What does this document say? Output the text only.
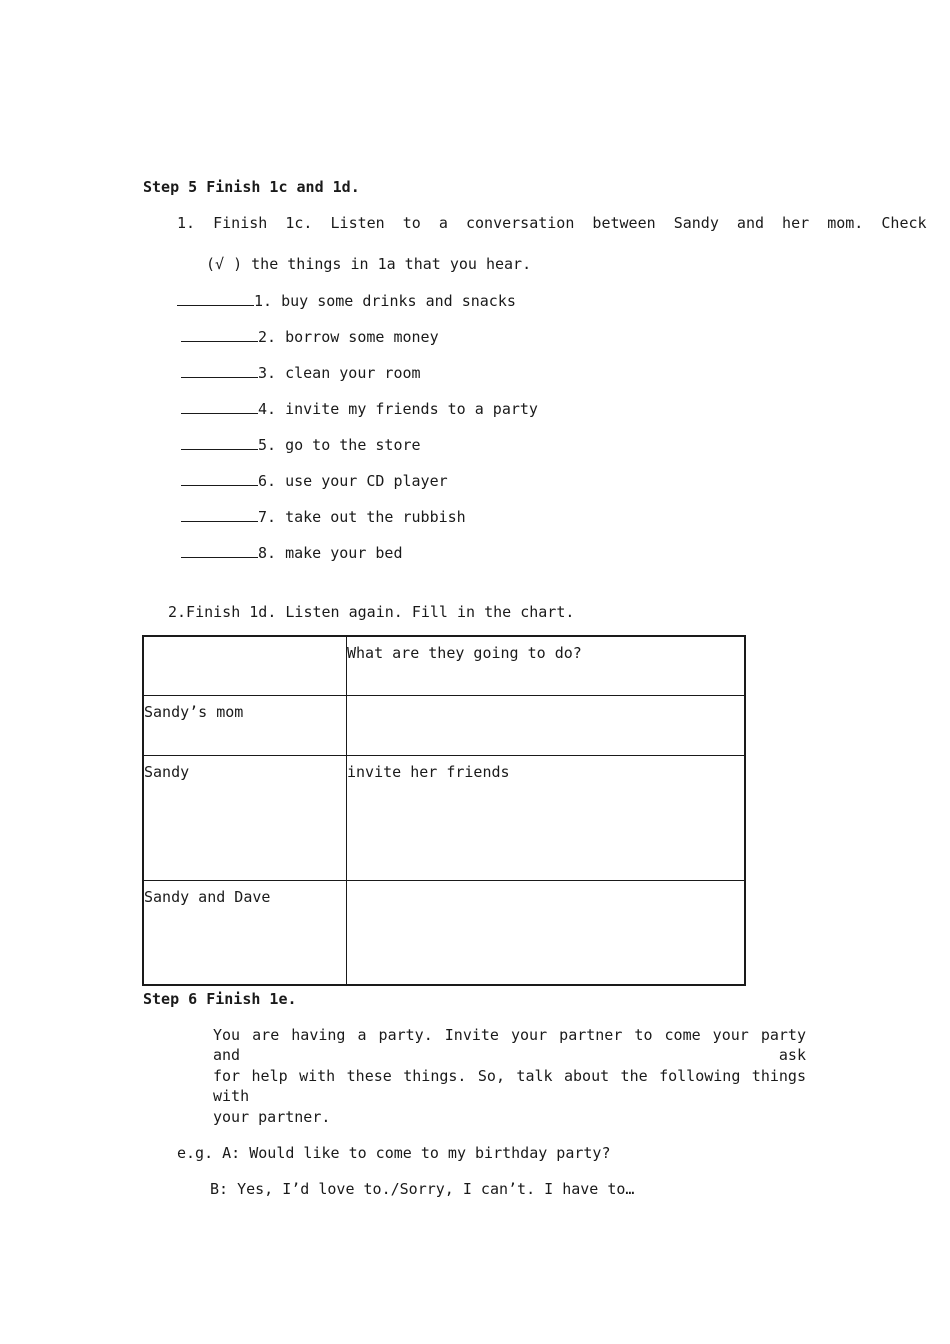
Step 5 Finish 1c and 1d.
1.  Finish  1c.  Listen  to  a  conversation  between  Sandy  and  her  mom.  Check
(√ ) the things in 1a that you hear.
1. buy some drinks and snacks
2. borrow some money
3. clean your room
4. invite my friends to a party
5. go to the store
6. use your CD player
7. take out the rubbish
8. make your bed
2.Finish 1d. Listen again. Fill in the chart.
	What are they going to do?
Sandy’s mom	
Sandy	invite her friends
Sandy and Dave	
Step 6 Finish 1e.
You are having a party. Invite your partner to come your party and ask
for help with these things. So, talk about the following things with
your partner.
e.g. A: Would like to come to my birthday party?
B: Yes, I’d love to./Sorry, I can’t. I have to…
